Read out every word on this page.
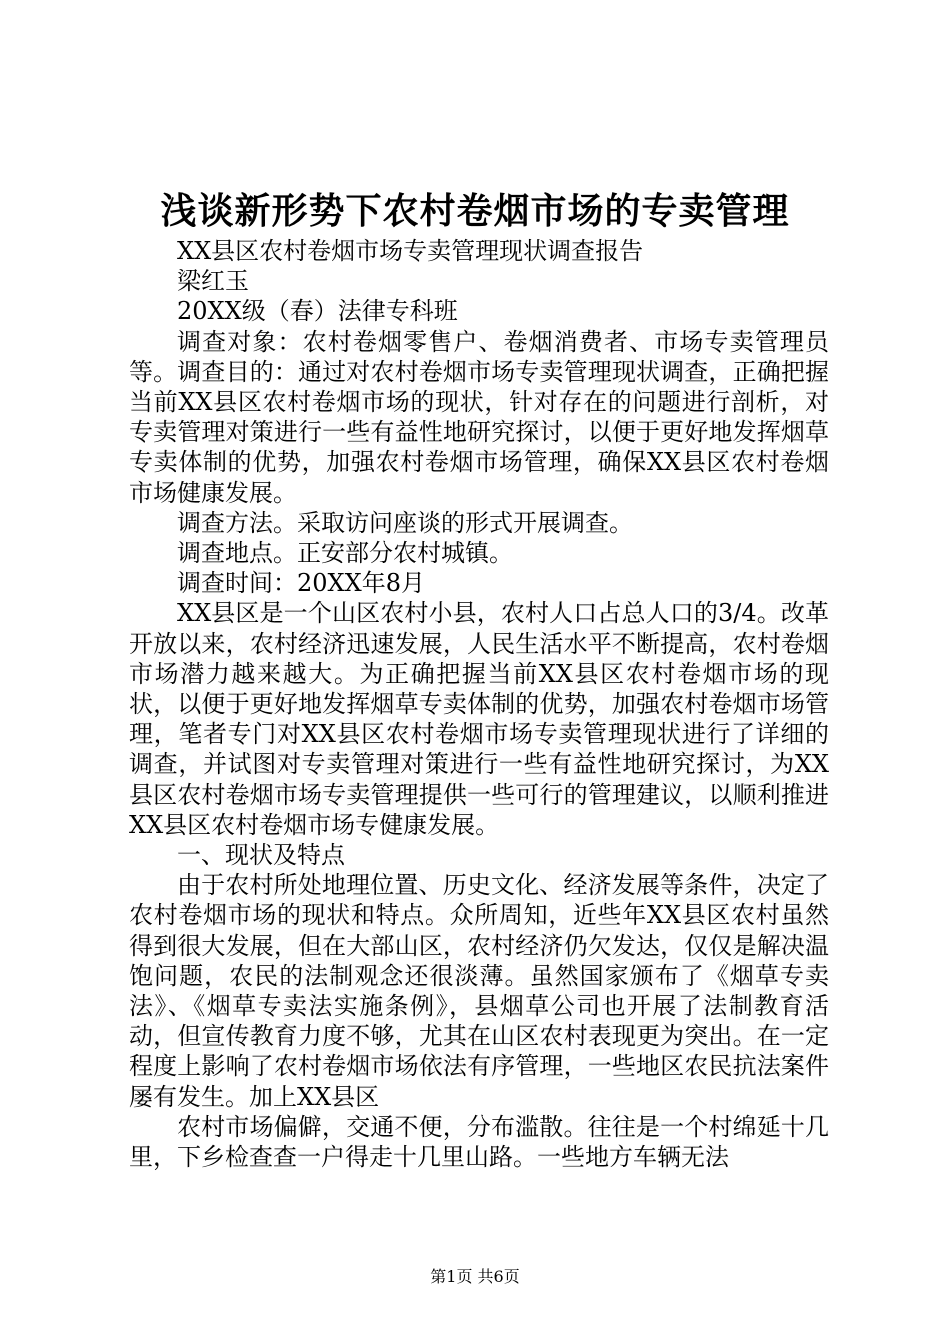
浅谈新形势下农村卷烟市场的专卖管理

XX县区农村卷烟市场专卖管理现状调查报告

梁红玉

20XX级（春）法律专科班

调查对象：农村卷烟零售户、卷烟消费者、市场专卖管理员等。调查目的：通过对农村卷烟市场专卖管理现状调查，正确把握当前XX县区农村卷烟市场的现状，针对存在的问题进行剖析，对专卖管理对策进行一些有益性地研究探讨，以便于更好地发挥烟草专卖体制的优势，加强农村卷烟市场管理，确保XX县区农村卷烟市场健康发展。

调查方法。采取访问座谈的形式开展调查。

调查地点。正安部分农村城镇。

调查时间：20XX年8月

XX县区是一个山区农村小县，农村人口占总人口的3/4。改革开放以来，农村经济迅速发展，人民生活水平不断提高，农村卷烟市场潜力越来越大。为正确把握当前XX县区农村卷烟市场的现状，以便于更好地发挥烟草专卖体制的优势，加强农村卷烟市场管理，笔者专门对XX县区农村卷烟市场专卖管理现状进行了详细的调查，并试图对专卖管理对策进行一些有益性地研究探讨，为XX县区农村卷烟市场专卖管理提供一些可行的管理建议，以顺利推进XX县区农村卷烟市场专健康发展。

一、现状及特点

由于农村所处地理位置、历史文化、经济发展等条件，决定了农村卷烟市场的现状和特点。众所周知，近些年XX县区农村虽然得到很大发展，但在大部山区，农村经济仍欠发达，仅仅是解决温饱问题，农民的法制观念还很淡薄。虽然国家颁布了《烟草专卖法》、《烟草专卖法实施条例》，县烟草公司也开展了法制教育活动，但宣传教育力度不够，尤其在山区农村表现更为突出。在一定程度上影响了农村卷烟市场依法有序管理，一些地区农民抗法案件屡有发生。加上XX县区

农村市场偏僻，交通不便，分布滥散。往往是一个村绵延十几里，下乡检查查一户得走十几里山路。一些地方车辆无法

第1页 共6页
